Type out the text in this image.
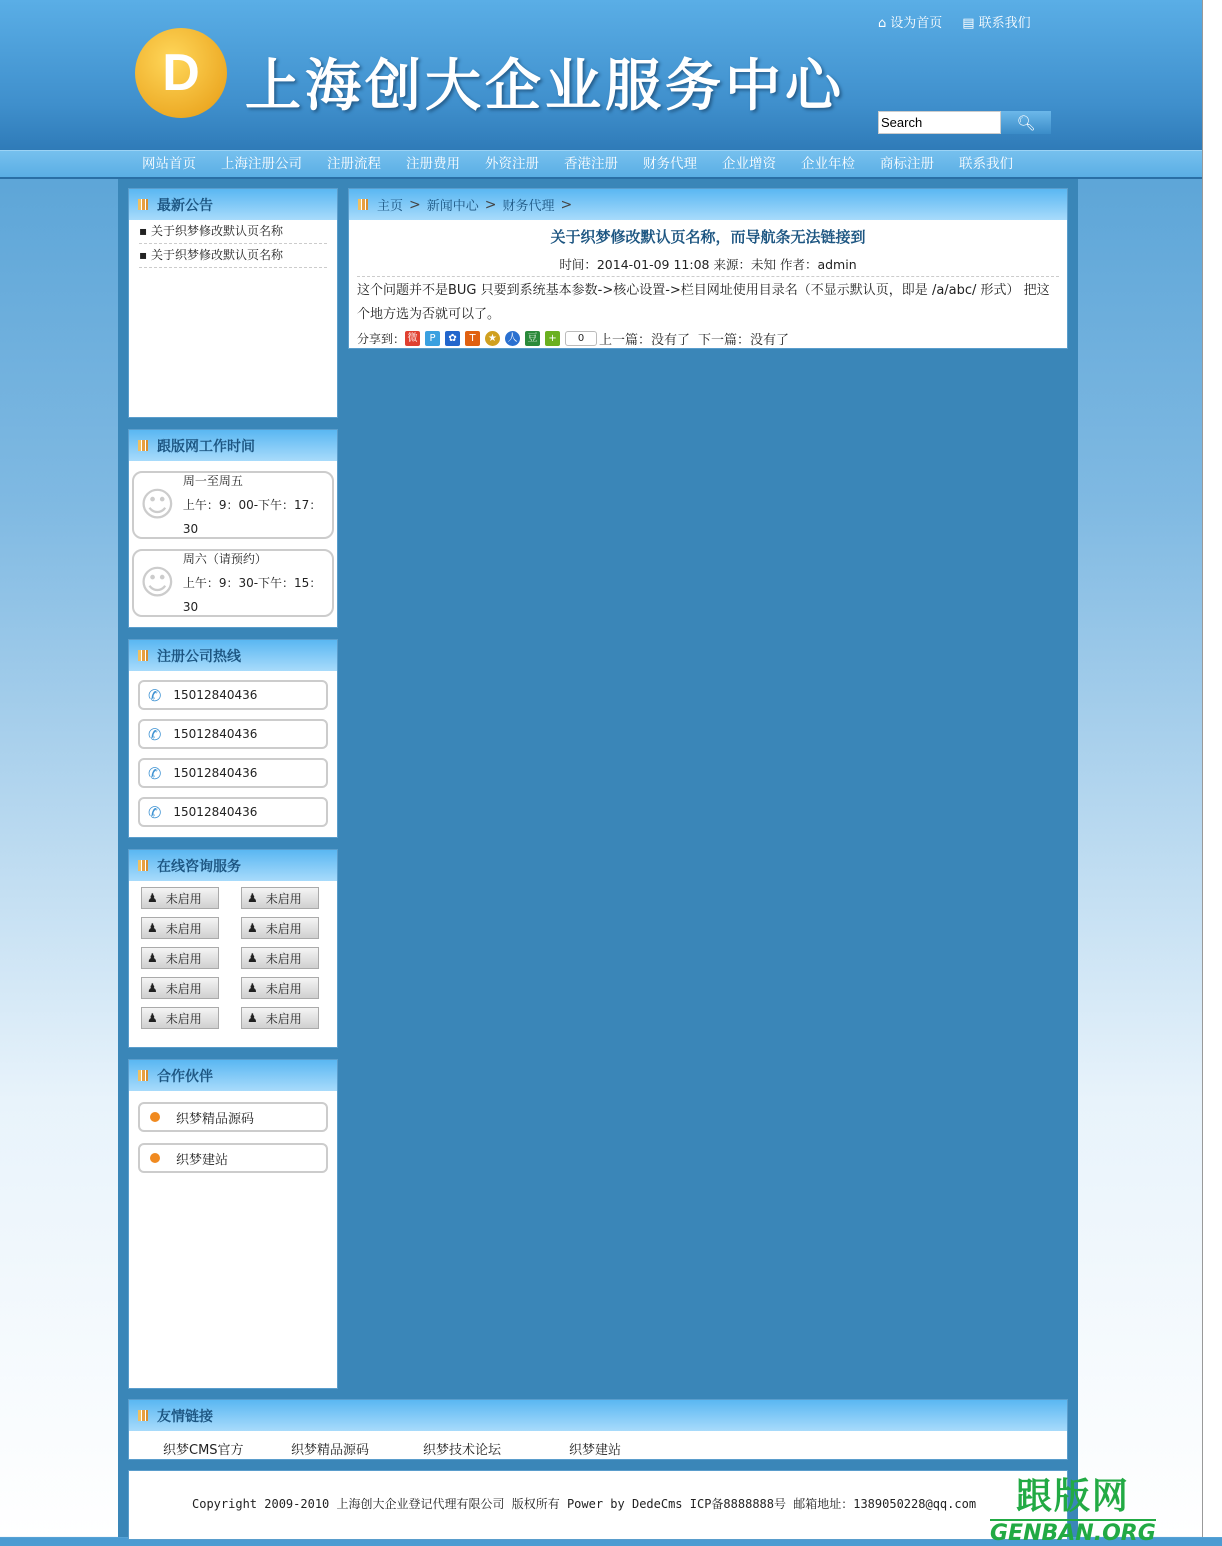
D 上海创大企业服务中心
⌂ 设为首页 ▤ 联系我们
Search
🔍︎
网站首页 上海注册公司 注册流程 注册费用 外资注册 香港注册 财务代理 企业增资 企业年检 商标注册 联系我们
最新公告
▪ 关于织梦修改默认页名称
▪ 关于织梦修改默认页名称
跟版网工作时间
☺
周一至周五
上午：9：00-下午：17：30
☺
周六（请预约）
上午：9：30-下午：15：30
注册公司热线
✆ 15012840436
✆ 15012840436
✆ 15012840436
✆ 15012840436
在线咨询服务
♟ 未启用	♟ 未启用
♟ 未启用	♟ 未启用
♟ 未启用	♟ 未启用
♟ 未启用	♟ 未启用
♟ 未启用	♟ 未启用
合作伙伴
织梦精品源码
织梦建站
主页 > 新闻中心 > 财务代理 >
关于织梦修改默认页名称，而导航条无法链接到
时间：2014-01-09 11:08 来源：未知 作者：admin
这个问题并不是BUG 只要到系统基本参数->核心设置->栏目网址使用目录名（不显示默认页，即是 /a/abc/ 形式） 把这个地方选为否就可以了。
分享到： 微	P	✿	T	★	人 豆	+	0	上一篇：没有了 下一篇：没有了
友情链接
织梦CMS官方	织梦精品源码	织梦技术论坛	织梦建站
Copyright 2009-2010 上海创大企业登记代理有限公司 版权所有 Power by DedeCms ICP备8888888号 邮箱地址：1389050228@qq.com	跟版网
GENBAN.ORG
